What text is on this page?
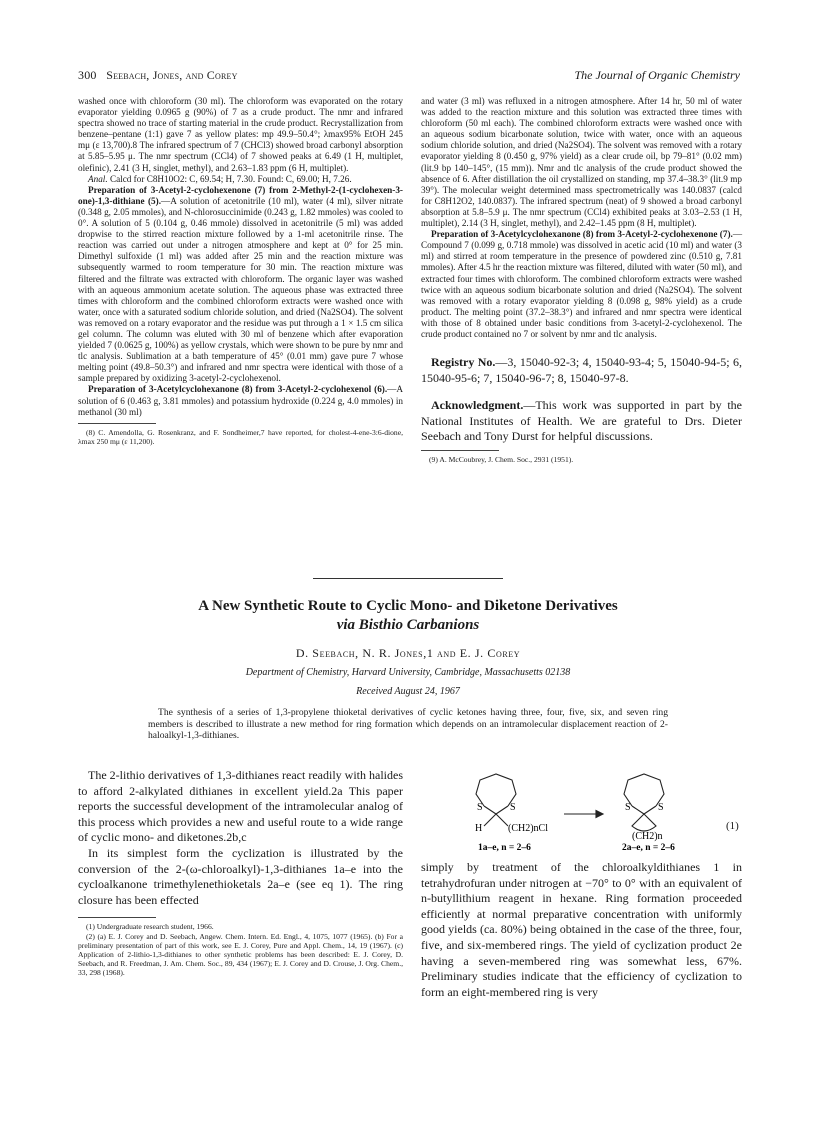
300 Seebach, Jones, and Corey	The Journal of Organic Chemistry

washed once with chloroform (30 ml). The chloroform was evaporated on the rotary evaporator yielding 0.0965 g (90%) of 7 as a crude product. The nmr and infrared spectra showed no trace of starting material in the crude product. Recrystallization from benzene–pentane (1:1) gave 7 as yellow plates: mp 49.9–50.4°; λmax95% EtOH 245 mμ (ε 13,700).8 The infrared spectrum of 7 (CHCl3) showed broad carbonyl absorption at 5.85–5.95 μ. The nmr spectrum (CCl4) of 7 showed peaks at 6.49 (1 H, multiplet, olefinic), 2.41 (3 H, singlet, methyl), and 2.63–1.83 ppm (6 H, multiplet).

Anal. Calcd for C8H10O2: C, 69.54; H, 7.30. Found: C, 69.00; H, 7.26.

Preparation of 3-Acetyl-2-cyclohexenone (7) from 2-Methyl-2-(1-cyclohexen-3-one)-1,3-dithiane (5).—A solution of acetonitrile (10 ml), water (4 ml), silver nitrate (0.348 g, 2.05 mmoles), and N-chlorosuccinimide (0.243 g, 1.82 mmoles) was cooled to 0°. A solution of 5 (0.104 g, 0.46 mmole) dissolved in acetonitrile (5 ml) was added dropwise to the stirred reaction mixture followed by a 1-ml acetonitrile rinse. The reaction was carried out under a nitrogen atmosphere and kept at 0° for 25 min. Dimethyl sulfoxide (1 ml) was added after 25 min and the reaction mixture was subsequently warmed to room temperature for 30 min. The reaction mixture was filtered and the filtrate was extracted with chloroform. The organic layer was washed with an aqueous ammonium acetate solution. The aqueous phase was extracted three times with chloroform and the combined chloroform extracts were washed once with water, once with a saturated sodium chloride solution, and dried (Na2SO4). The solvent was removed on a rotary evaporator and the residue was put through a 1 × 1.5 cm silica gel column. The column was eluted with 30 ml of benzene which after evaporation yielded 7 (0.0625 g, 100%) as yellow crystals, which were shown to be pure by nmr and tlc analysis. Sublimation at a bath temperature of 45° (0.01 mm) gave pure 7 whose melting point (49.8–50.3°) and infrared and nmr spectra were identical with those of a sample prepared by oxidizing 3-acetyl-2-cyclohexenol.

Preparation of 3-Acetylcyclohexanone (8) from 3-Acetyl-2-cyclohexenol (6).—A solution of 6 (0.463 g, 3.81 mmoles) and potassium hydroxide (0.224 g, 4.0 mmoles) in methanol (30 ml)

(8) C. Amendolla, G. Rosenkranz, and F. Sondheimer,7 have reported, for cholest-4-ene-3:6-dione, λmax 250 mμ (ε 11,200).

and water (3 ml) was refluxed in a nitrogen atmosphere. After 14 hr, 50 ml of water was added to the reaction mixture and this solution was extracted three times with chloroform (50 ml each). The combined chloroform extracts were washed once with an aqueous sodium bicarbonate solution, twice with water, once with an aqueous sodium chloride solution, and dried (Na2SO4). The solvent was removed with a rotary evaporator yielding 8 (0.450 g, 97% yield) as a clear crude oil, bp 79–81° (0.02 mm) (lit.9 bp 140–145°, (15 mm)). Nmr and tlc analysis of the crude product showed the absence of 6. After distillation the oil crystallized on standing, mp 37.4–38.3° (lit.9 mp 39°). The molecular weight determined mass spectrometrically was 140.0837 (calcd for C8H12O2, 140.0837). The infrared spectrum (neat) of 9 showed a broad carbonyl absorption at 5.8–5.9 μ. The nmr spectrum (CCl4) exhibited peaks at 3.03–2.53 (1 H, multiplet), 2.14 (3 H, singlet, methyl), and 2.42–1.45 ppm (8 H, multiplet).

Preparation of 3-Acetylcyclohexanone (8) from 3-Acetyl-2-cyclohexenone (7).—Compound 7 (0.099 g, 0.718 mmole) was dissolved in acetic acid (10 ml) and water (3 ml) and stirred at room temperature in the presence of powdered zinc (0.510 g, 7.81 mmoles). After 4.5 hr the reaction mixture was filtered, diluted with water (50 ml), and extracted four times with chloroform. The combined chloroform extracts were washed twice with an aqueous sodium bicarbonate solution and dried (Na2SO4). The solvent was removed with a rotary evaporator yielding 8 (0.098 g, 98% yield) as a crude product. The melting point (37.2–38.3°) and infrared and nmr spectra were identical with those of 8 obtained under basic conditions from 3-acetyl-2-cyclohexenol. The crude product contained no 7 or solvent by nmr and tlc analysis.

Registry No.—3, 15040-92-3; 4, 15040-93-4; 5, 15040-94-5; 6, 15040-95-6; 7, 15040-96-7; 8, 15040-97-8.

Acknowledgment.—This work was supported in part by the National Institutes of Health. We are grateful to Drs. Dieter Seebach and Tony Durst for helpful discussions.

(9) A. McCoubrey, J. Chem. Soc., 2931 (1951).

A New Synthetic Route to Cyclic Mono- and Diketone Derivatives
via Bisthio Carbanions
D. Seebach, N. R. Jones,1 and E. J. Corey
Department of Chemistry, Harvard University, Cambridge, Massachusetts 02138
Received August 24, 1967
The synthesis of a series of 1,3-propylene thioketal derivatives of cyclic ketones having three, four, five, six, and seven ring members is described to illustrate a new method for ring formation which depends on an intramolecular displacement reaction of 2-haloalkyl-1,3-dithianes.

The 2-lithio derivatives of 1,3-dithianes react readily with halides to afford 2-alkylated dithianes in excellent yield.2a This paper reports the successful development of the intramolecular analog of this process which provides a new and useful route to a wide range of cyclic mono- and diketones.2b,c

In its simplest form the cyclization is illustrated by the conversion of the 2-(ω-chloroalkyl)-1,3-dithianes 1a–e into the cycloalkanone trimethylenethioketals 2a–e (see eq 1). The ring closure has been effected

(1) Undergraduate research student, 1966.

(2) (a) E. J. Corey and D. Seebach, Angew. Chem. Intern. Ed. Engl., 4, 1075, 1077 (1965). (b) For a preliminary presentation of part of this work, see E. J. Corey, Pure and Appl. Chem., 14, 19 (1967). (c) Application of 2-lithio-1,3-dithianes to other synthetic problems has been described: E. J. Corey, D. Seebach, and R. Freedman, J. Am. Chem. Soc., 89, 434 (1967); E. J. Corey and D. Crouse, J. Org. Chem., 33, 298 (1968).

S	S
H	(CH2)nCl
1a–e, n = 2–6
S	S
(CH2)n
2a–e, n = 2–6
(1)

simply by treatment of the chloroalkyldithianes 1 in tetrahydrofuran under nitrogen at −70° to 0° with an equivalent of n-butyllithium reagent in hexane. Ring formation proceeded efficiently at normal preparative concentration with uniformly good yields (ca. 80%) being obtained in the case of the three, four, five, and six-membered rings. The yield of cyclization product 2e having a seven-membered ring was somewhat less, 67%. Preliminary studies indicate that the efficiency of cyclization to form an eight-membered ring is very
